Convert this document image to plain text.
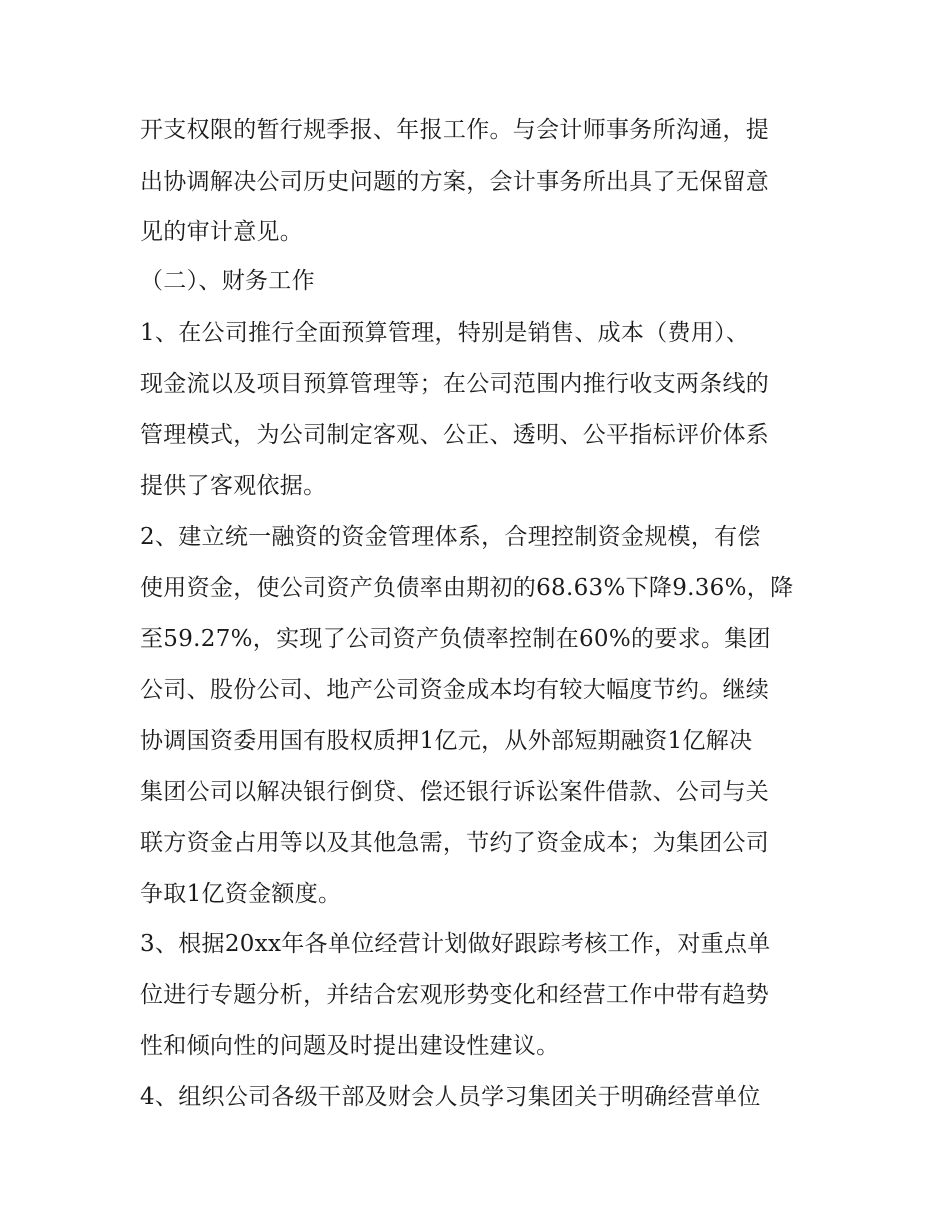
开支权限的暂行规季报、年报工作。与会计师事务所沟通，提
出协调解决公司历史问题的方案，会计事务所出具了无保留意
见的审计意见。
（二）、财务工作
1、在公司推行全面预算管理，特别是销售、成本（费用）、
现金流以及项目预算管理等；在公司范围内推行收支两条线的
管理模式，为公司制定客观、公正、透明、公平指标评价体系
提供了客观依据。
2、建立统一融资的资金管理体系，合理控制资金规模，有偿
使用资金，使公司资产负债率由期初的68.63%下降9.36%，降
至59.27%，实现了公司资产负债率控制在60%的要求。集团
公司、股份公司、地产公司资金成本均有较大幅度节约。继续
协调国资委用国有股权质押1亿元，从外部短期融资1亿解决
集团公司以解决银行倒贷、偿还银行诉讼案件借款、公司与关
联方资金占用等以及其他急需，节约了资金成本；为集团公司
争取1亿资金额度。
3、根据20xx年各单位经营计划做好跟踪考核工作，对重点单
位进行专题分析，并结合宏观形势变化和经营工作中带有趋势
性和倾向性的问题及时提出建设性建议。
4、组织公司各级干部及财会人员学习集团关于明确经营单位
